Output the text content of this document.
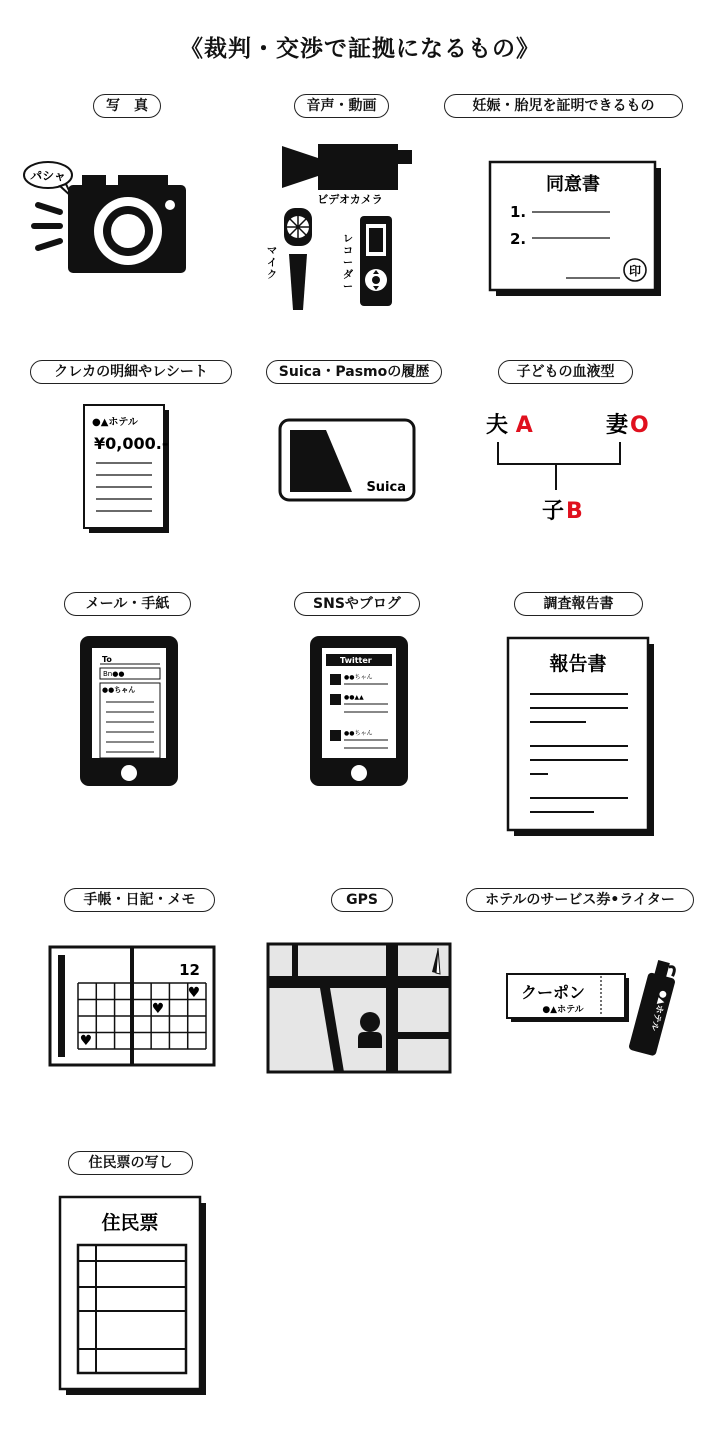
《裁判・交渉で証拠になるもの》
写　真	音声・動画	妊娠・胎児を証明できるもの
パシャ
ビデオカメラ
マイク
レコーダー
同意書
1.
2.
印
クレカの明細やレシート	Suica・Pasmoの履歴	子どもの血液型
●▲ホテル
¥0,000.-
Suica
夫 A	妻O
子B
メール・手紙	SNSやブログ	調査報告書
To
Bn●●
●●ちゃん
Twitter
●●ちゃん
●●▲▲
●●ちゃん
報告書
手帳・日記・メモ	GPS	ホテルのサービス券•ライター
12
♥
♥
♥
クーポン
●▲ホテル	●▲ホテル
住民票の写し
住民票
